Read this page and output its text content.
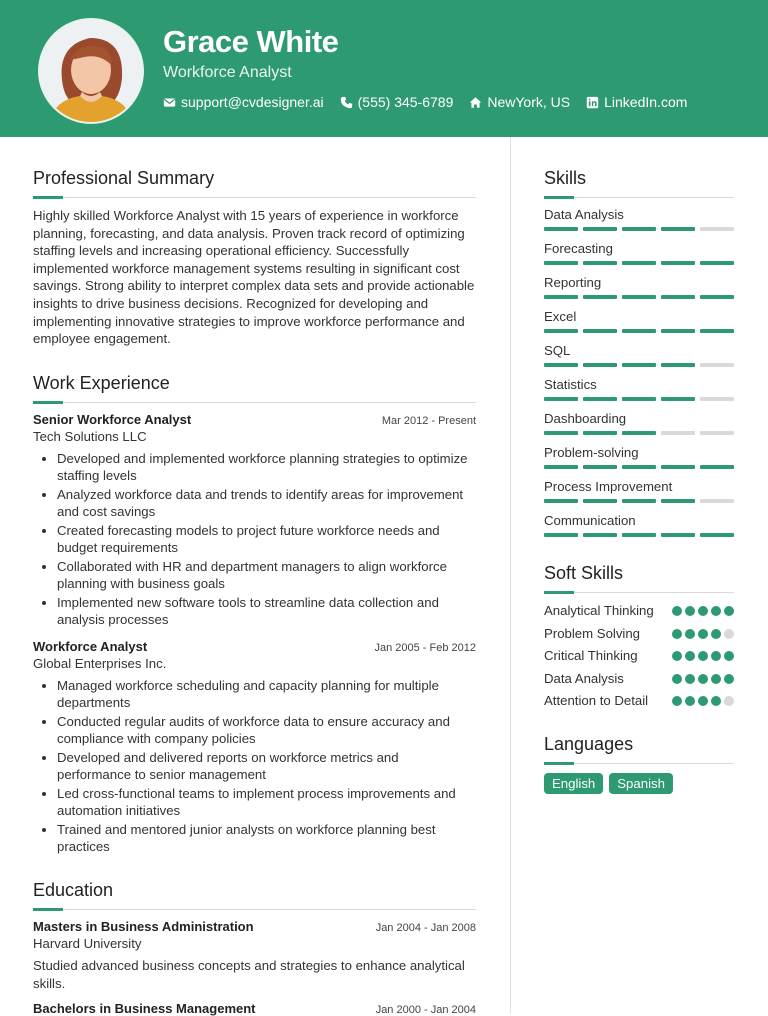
Grace White
Workforce Analyst
support@cvdesigner.ai (555) 345-6789 NewYork, US LinkedIn.com
Professional Summary

Highly skilled Workforce Analyst with 15 years of experience in workforce planning, forecasting, and data analysis. Proven track record of optimizing staffing levels and increasing operational efficiency. Successfully implemented workforce management systems resulting in significant cost savings. Strong ability to interpret complex data sets and provide actionable insights to drive business decisions. Recognized for developing and implementing innovative strategies to improve workforce performance and employee engagement.

Work Experience
Senior Workforce Analyst	Mar 2012 - Present
Tech Solutions LLC
• Developed and implemented workforce planning strategies to optimize staffing levels
• Analyzed workforce data and trends to identify areas for improvement and cost savings
• Created forecasting models to project future workforce needs and budget requirements
• Collaborated with HR and department managers to align workforce planning with business goals
• Implemented new software tools to streamline data collection and analysis processes
Workforce Analyst	Jan 2005 - Feb 2012
Global Enterprises Inc.
• Managed workforce scheduling and capacity planning for multiple departments
• Conducted regular audits of workforce data to ensure accuracy and compliance with company policies
• Developed and delivered reports on workforce metrics and performance to senior management
• Led cross-functional teams to implement process improvements and automation initiatives
• Trained and mentored junior analysts on workforce planning best practices
Education
Masters in Business Administration	Jan 2004 - Jan 2008
Harvard University

Studied advanced business concepts and strategies to enhance analytical skills.

Bachelors in Business Management	Jan 2000 - Jan 2004
Skills
Data Analysis
Forecasting
Reporting
Excel
SQL
Statistics
Dashboarding
Problem-solving
Process Improvement
Communication
Soft Skills
Analytical Thinking
Problem Solving
Critical Thinking
Data Analysis
Attention to Detail
Languages
English	Spanish
